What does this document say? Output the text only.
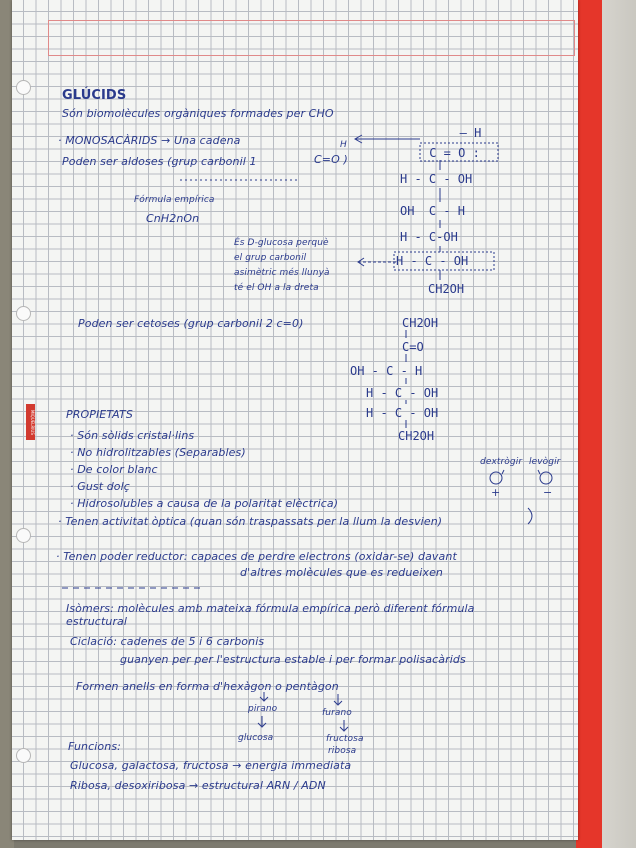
MIQUELRIUS
GLÚCIDS
Són biomolècules orgàniques formades per CHO
· MONOSACÀRIDS → Una cadena
Poden ser aldoses (grup carbonil 1
H
C=O )
Fórmula empírica
CnH2nOn
— H
C = O :
H - C - OH
OH  C - H
H - C-OH
H - C - OH
CH2OH
És D-glucosa perquè
el grup carbonil
asimètric més llunyà
té el OH a la dreta
Poden ser cetoses (grup carbonil 2 c=0)	CH2OH
C=O
OH - C - H
H - C - OH
H - C - OH
CH2OH
PROPIETATS
· Són sòlids cristal·lins
· No hidrolitzables (Separables)
· De color blanc
· Gust dolç
· Hidrosolubles a causa de la polaritat elèctrica)
· Tenen activitat òptica (quan són traspassats per la llum la desvien)
dextrògir levògir
+	−
· Tenen poder reductor: capaces de perdre electrons (oxidar-se) davant
d'altres molècules que es redueixen
Isòmers: molècules amb mateixa fórmula empírica però diferent fórmula
estructural
Ciclació: cadenes de 5 i 6 carbonis
guanyen per per l'estructura estable i per formar polisacàrids
Formen anells en forma d'hexàgon o pentàgon
pirano	furano
glucosa	fructosa
ribosa
Funcions:
Glucosa, galactosa, fructosa → energia immediata
Ribosa, desoxiribosa → estructural ARN / ADN
